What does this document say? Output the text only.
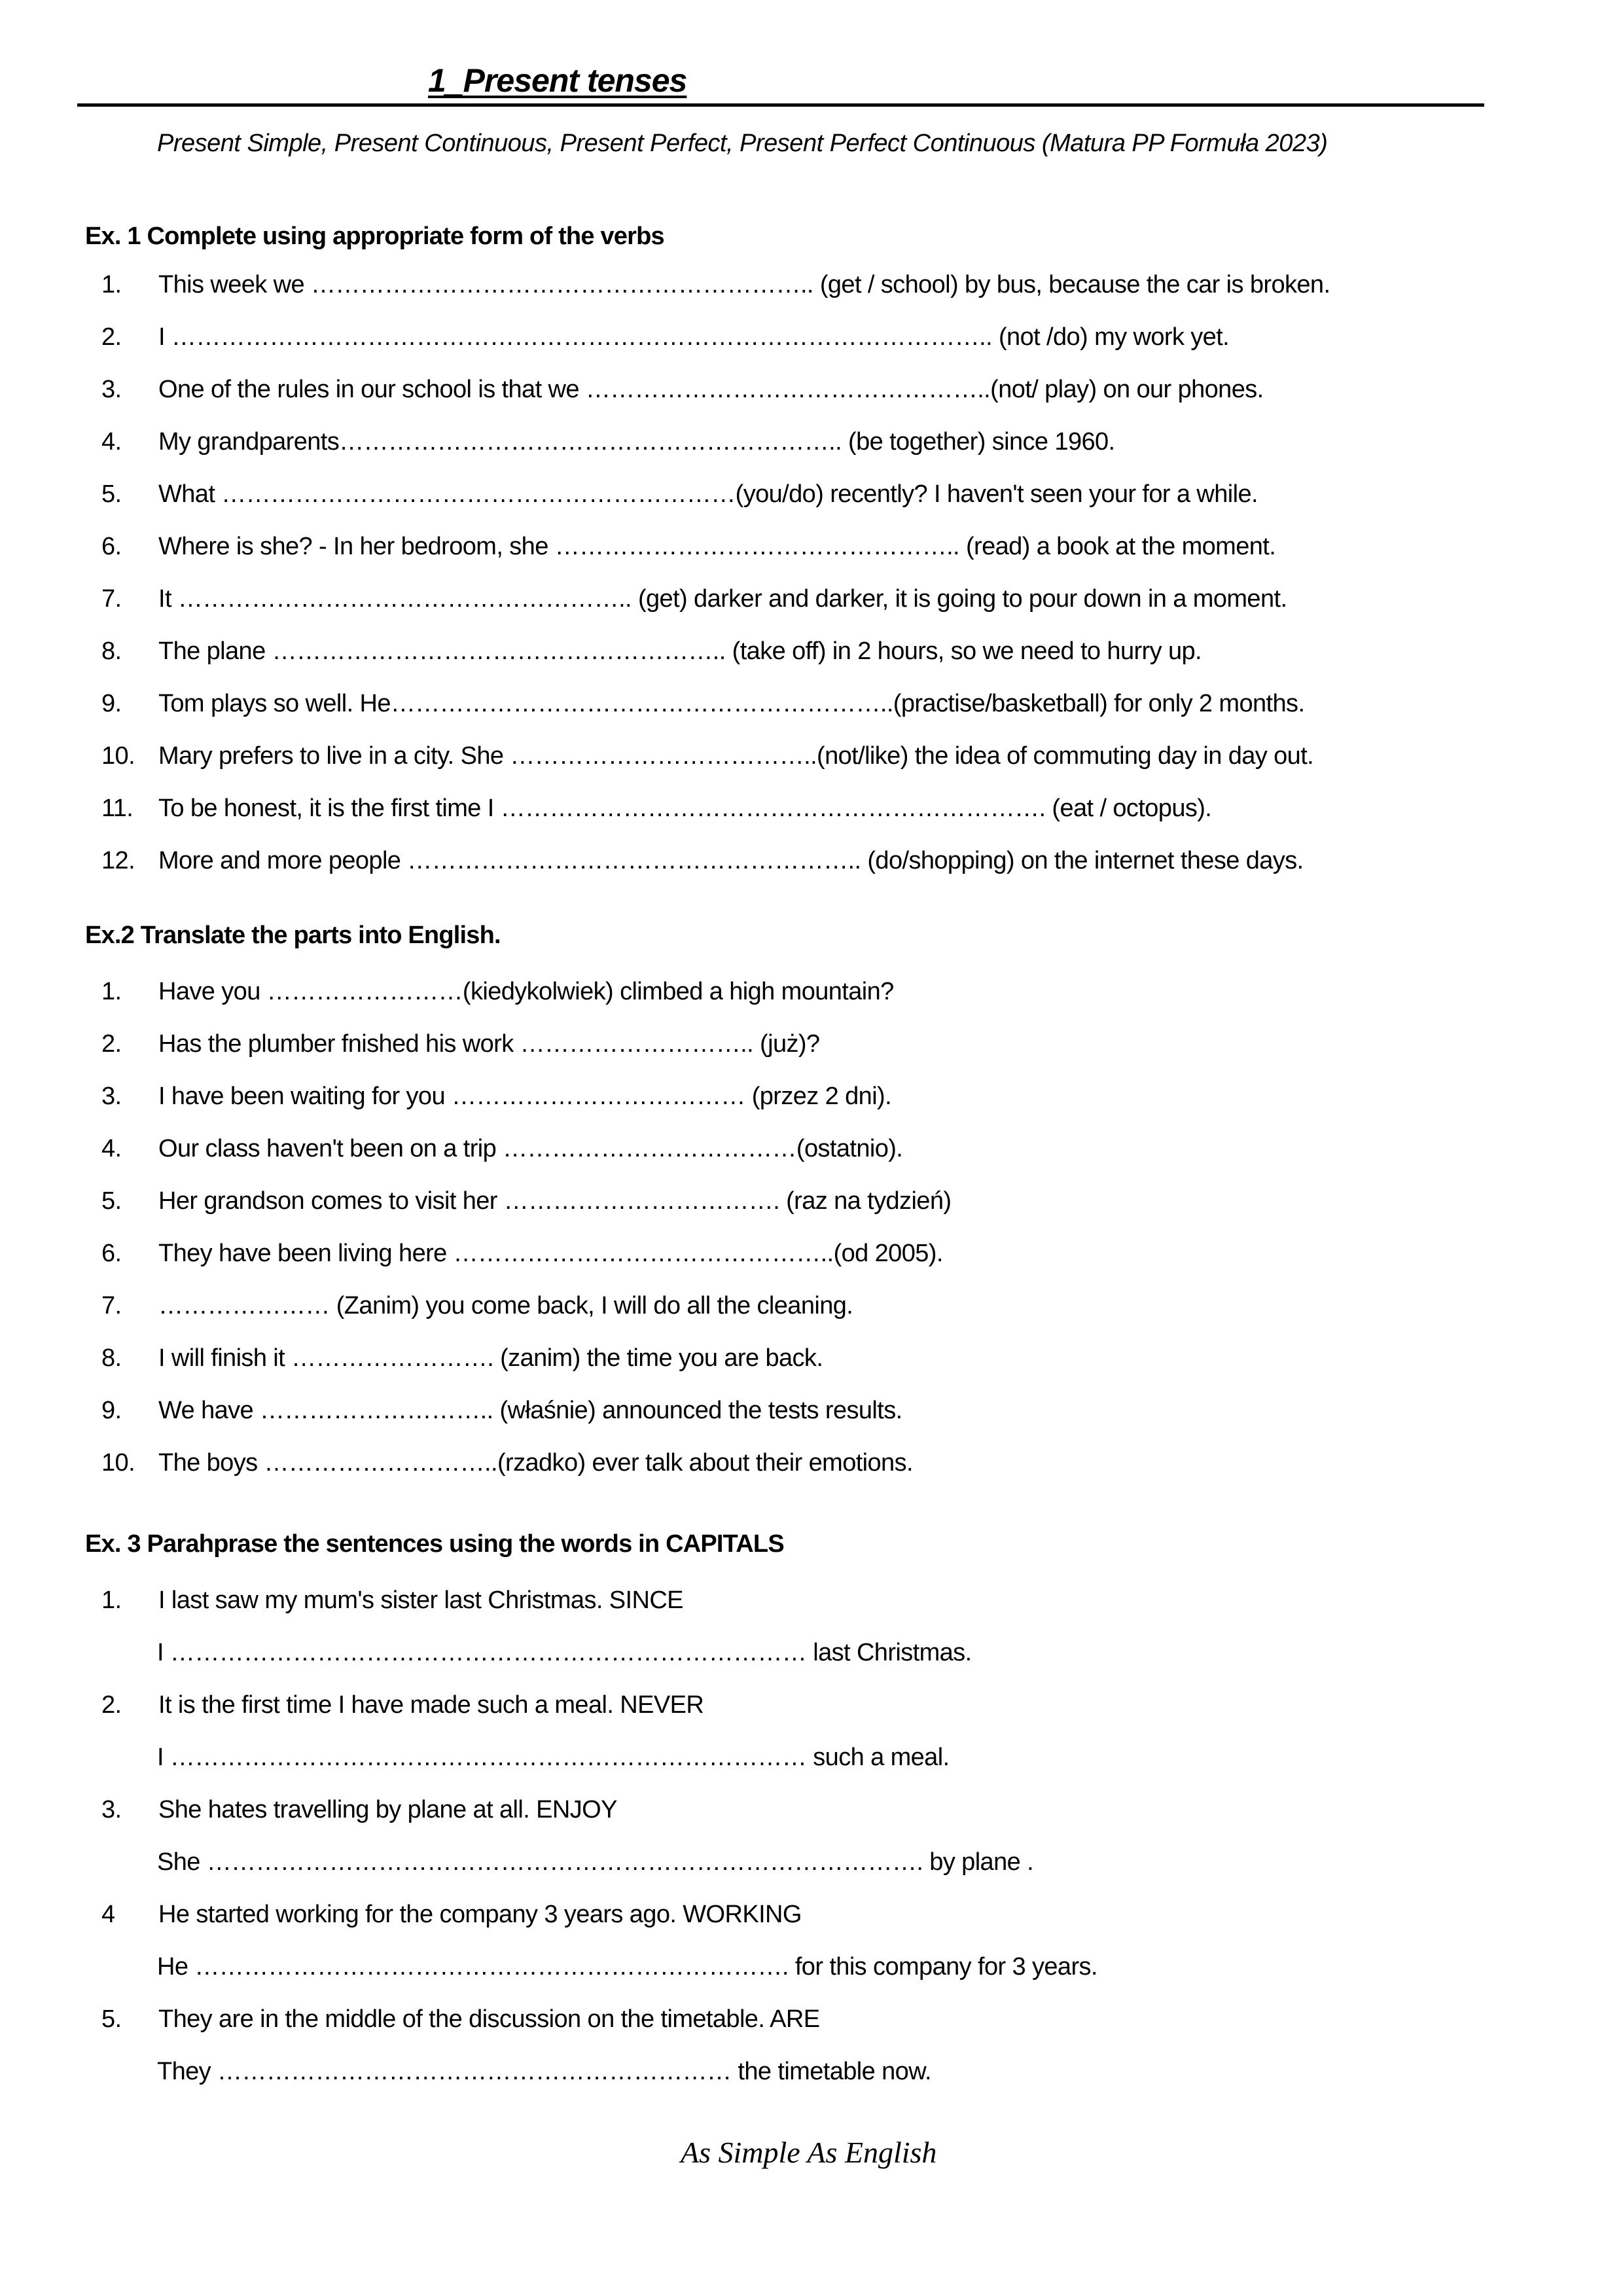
1_Present tenses
Present Simple, Present Continuous, Present Perfect, Present Perfect Continuous (Matura PP Formuła 2023)
Ex. 1 Complete using appropriate form of the verbs
1. This week we …………………………………………………….. (get / school) by bus, because the car is broken.
2. I ……………………………………………………………………………………….. (not /do) my work yet.
3. One of the rules in our school is that we …………………………………………..(not/ play) on our phones.
4. My grandparents…………………………………………………….. (be together) since 1960.
5. What ………………………………………………………(you/do) recently? I haven't seen your for a while.
6. Where is she? - In her bedroom, she ………………………………………….. (read) a book at the moment.
7. It ……………………………………………….. (get) darker and darker, it is going to pour down in a moment.
8. The plane ……………………………………………….. (take off) in 2 hours, so we need to hurry up.
9. Tom plays so well. He……………………………………………………..(practise/basketball) for only 2 months.
10. Mary prefers to live in a city. She ………………………………..(not/like) the idea of commuting day in day out.
11. To be honest, it is the first time I …………………………………………………………. (eat / octopus).
12. More and more people ……………………………………………….. (do/shopping) on the internet these days.
Ex.2 Translate the parts into English.
1. Have you ……………………(kiedykolwiek) climbed a high mountain?
2. Has the plumber fnished his work ……………………….. (już)?
3. I have been waiting for you ……………………………… (przez 2 dni).
4. Our class haven't been on a trip ………………………………(ostatnio).
5. Her grandson comes to visit her ……………………………. (raz na tydzień)
6. They have been living here ………………………………………..(od 2005).
7. ………………… (Zanim) you come back, I will do all the cleaning.
8. I will finish it ……………………. (zanim) the time you are back.
9. We have ……………………….. (właśnie) announced the tests results.
10. The boys ………………………..(rzadko) ever talk about their emotions.
Ex. 3 Parahprase the sentences using the words in CAPITALS
1. I last saw my mum's sister last Christmas. SINCE
I …………………………………………………………………… last Christmas.
2. It is the first time I have made such a meal. NEVER
I …………………………………………………………………… such a meal.
3. She hates travelling by plane at all. ENJOY
She ……………………………………………………………………………. by plane .
4 He started working for the company 3 years ago. WORKING
He ………………………………………………………………. for this company for 3 years.
5. They are in the middle of the discussion on the timetable. ARE
They ……………………………………………………… the timetable now.
As Simple As English
